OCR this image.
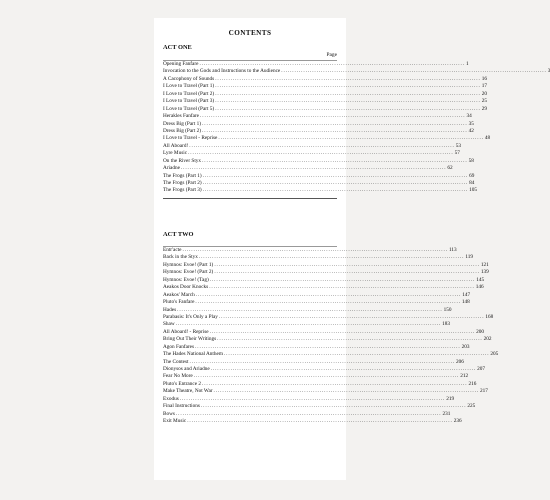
CONTENTS
ACT ONE
Page
Opening Fanfare ........................................................................................................................ 1
Invocation to the Gods and Instructions to the Audience ........................................................................................................................ 3
A Cacophony of Sounds ........................................................................................................................ 16
I Love to Travel (Part 1) ........................................................................................................................ 17
I Love to Travel (Part 2) ........................................................................................................................ 20
I Love to Travel (Part 3) ........................................................................................................................ 25
I Love to Travel (Part 5) ........................................................................................................................ 29
Herakles Fanfare ........................................................................................................................ 34
Dress Big (Part 1) ........................................................................................................................ 35
Dress Big (Part 2) ........................................................................................................................ 42
I Love to Travel - Reprise ........................................................................................................................ 48
All Aboard! ........................................................................................................................ 53
Lyre Music ........................................................................................................................ 57
On the River Styx ........................................................................................................................ 58
Ariadne ........................................................................................................................ 62
The Frogs (Part 1) ........................................................................................................................ 69
The Frogs (Part 2) ........................................................................................................................ 84
The Frogs (Part 3) ........................................................................................................................ 105
ACT TWO
Entr'acte ........................................................................................................................ 113
Back in the Styx ........................................................................................................................ 119
Hymnos: Evoe! (Part 1) ........................................................................................................................ 121
Hymnos: Evoe! (Part 2) ........................................................................................................................ 139
Hymnos: Evoe! (Tag) ........................................................................................................................ 145
Aeakos Door Knocks ........................................................................................................................ 146
Aeakos' March ........................................................................................................................ 147
Pluto's Fanfare ........................................................................................................................ 148
Hades ........................................................................................................................ 150
Parabasis: It's Only a Play ........................................................................................................................ 168
Shaw ........................................................................................................................ 183
All Aboard! - Reprise ........................................................................................................................ 200
Bring Out Their Writings ........................................................................................................................ 202
Agon Fanfares ........................................................................................................................ 203
The Hades National Anthem ........................................................................................................................ 205
The Contest ........................................................................................................................ 206
Dionysos and Ariadne ........................................................................................................................ 207
Fear No More ........................................................................................................................ 212
Pluto's Entrance 2 ........................................................................................................................ 216
Make Theatre, Not War ........................................................................................................................ 217
Exodus ........................................................................................................................ 219
Final Instructions ........................................................................................................................ 225
Bows ........................................................................................................................ 231
Exit Music ........................................................................................................................ 236
